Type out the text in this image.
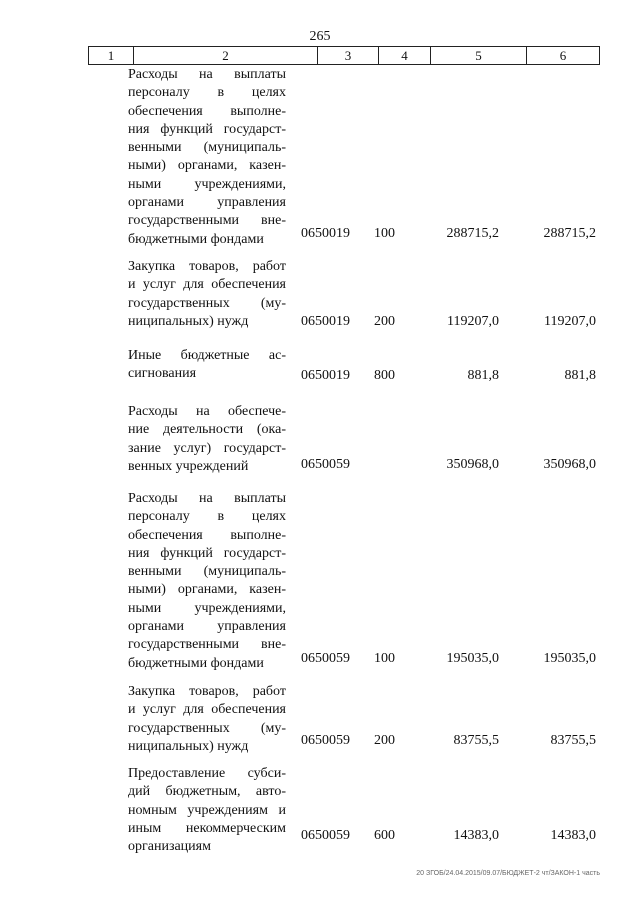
265
1	2	3	4	5	6
Расходы на выплаты
персоналу в целях
обеспечения выполне-
ния функций государст-
венными (муниципаль-
ными) органами, казен-
ными учреждениями,
органами управления
государственными вне-
бюджетными фондами	0650019 100	288715,2	288715,2
Закупка товаров, работ
и услуг для обеспечения
государственных (му-
ниципальных) нужд	0650019 200	119207,0	119207,0
Иные бюджетные ас-
сигнования	0650019 800	881,8	881,8
Расходы на обеспече-
ние деятельности (ока-
зание услуг) государст-
венных учреждений	0650059	350968,0	350968,0
Расходы на выплаты
персоналу в целях
обеспечения выполне-
ния функций государст-
венными (муниципаль-
ными) органами, казен-
ными учреждениями,
органами управления
государственными вне-
бюджетными фондами	0650059 100	195035,0	195035,0
Закупка товаров, работ
и услуг для обеспечения
государственных (му-
ниципальных) нужд	0650059 200	83755,5	83755,5
Предоставление субси-
дий бюджетным, авто-
номным учреждениям и
иным некоммерческим
организациям
0650059 600	14383,0	14383,0
20 ЗГОБ/24.04.2015/09.07/БЮДЖЕТ-2 чт/ЗАКОН-1 часть
